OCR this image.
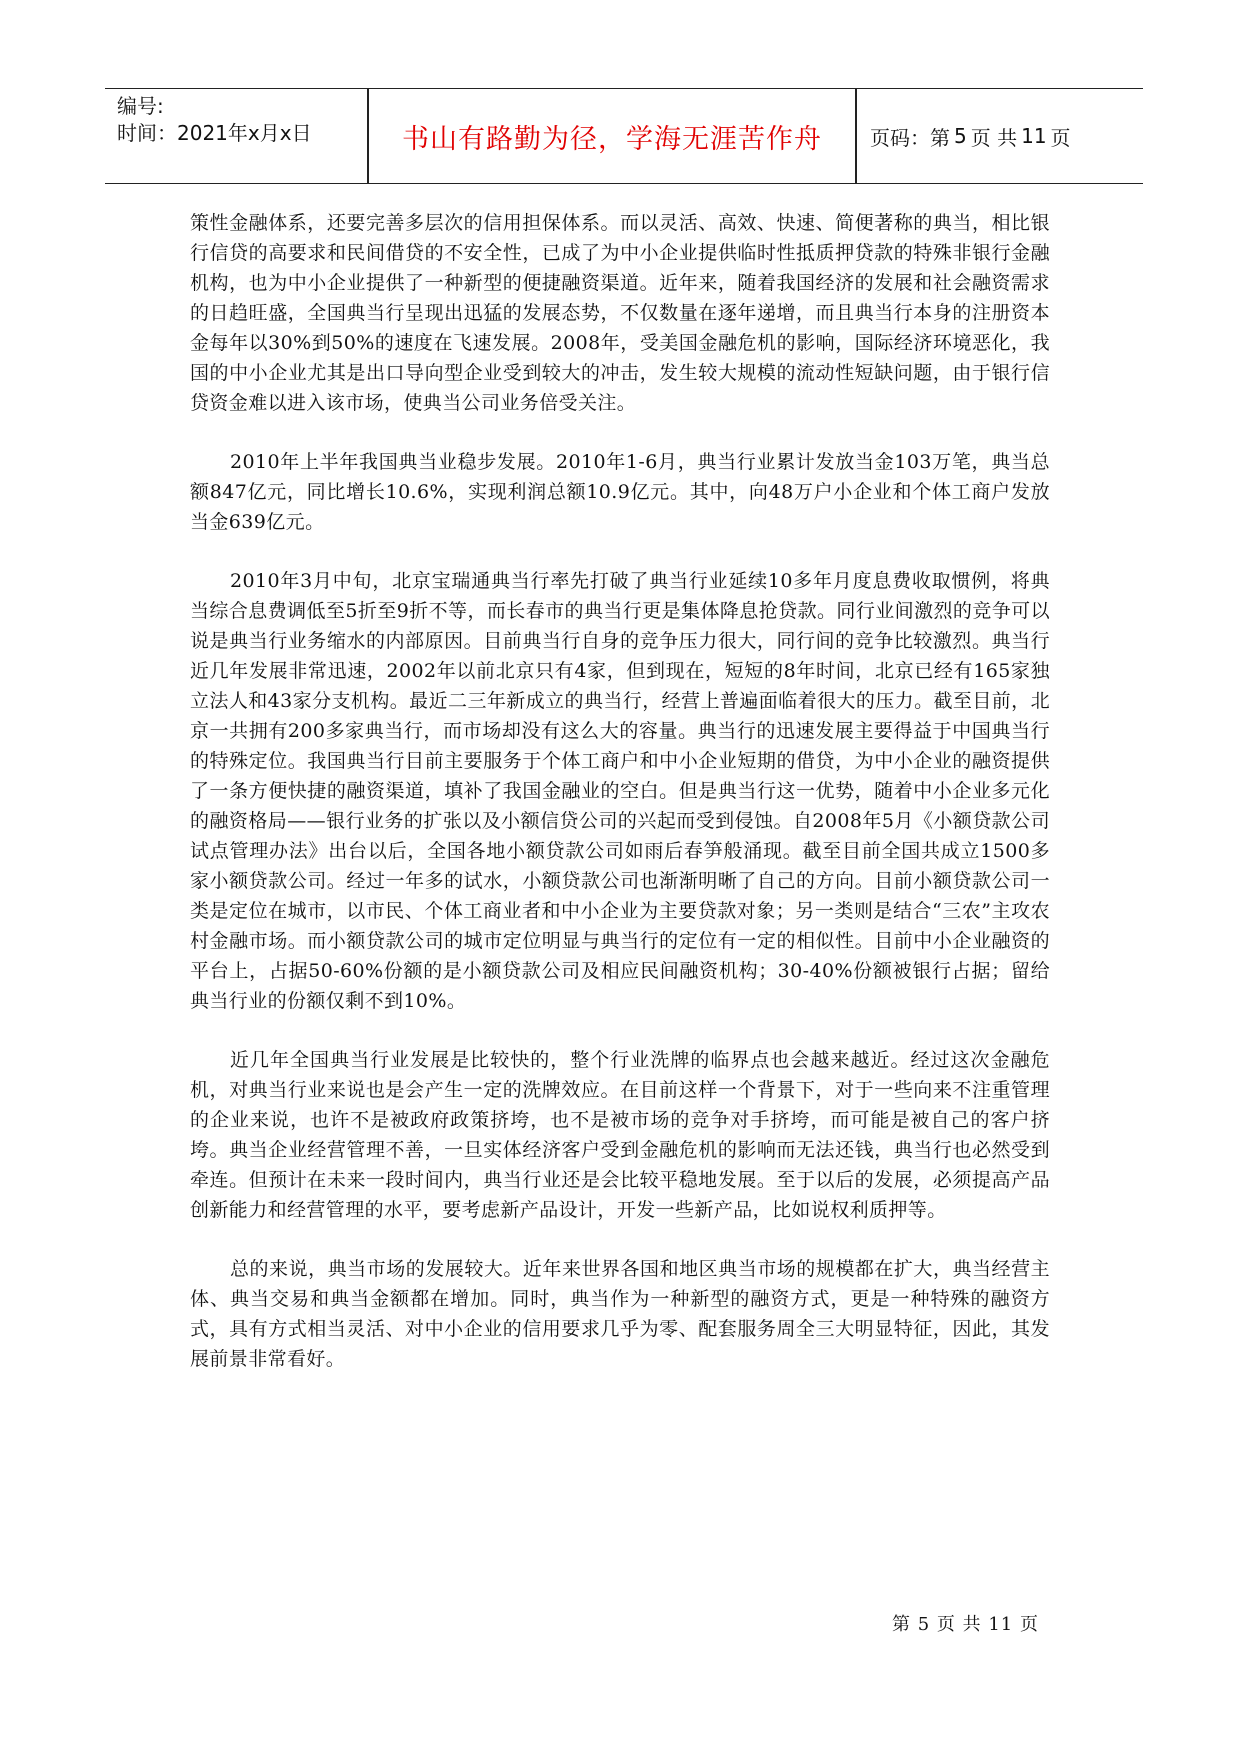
编号:
时间：2021年x月x日	书山有路勤为径，学海无涯苦作舟	页码：第 5 页 共 11 页

策性金融体系，还要完善多层次的信用担保体系。而以灵活、高效、快速、简便著称的典当，相比银行信贷的高要求和民间借贷的不安全性，已成了为中小企业提供临时性抵质押贷款的特殊非银行金融机构，也为中小企业提供了一种新型的便捷融资渠道。近年来，随着我国经济的发展和社会融资需求的日趋旺盛，全国典当行呈现出迅猛的发展态势，不仅数量在逐年递增，而且典当行本身的注册资本金每年以30%到50%的速度在飞速发展。2008年，受美国金融危机的影响，国际经济环境恶化，我国的中小企业尤其是出口导向型企业受到较大的冲击，发生较大规模的流动性短缺问题，由于银行信贷资金难以进入该市场，使典当公司业务倍受关注。

2010年上半年我国典当业稳步发展。2010年1-6月，典当行业累计发放当金103万笔，典当总额847亿元，同比增长10.6%，实现利润总额10.9亿元。其中，向48万户小企业和个体工商户发放当金639亿元。

2010年3月中旬，北京宝瑞通典当行率先打破了典当行业延续10多年月度息费收取惯例，将典当综合息费调低至5折至9折不等，而长春市的典当行更是集体降息抢贷款。同行业间激烈的竞争可以说是典当行业务缩水的内部原因。目前典当行自身的竞争压力很大，同行间的竞争比较激烈。典当行近几年发展非常迅速，2002年以前北京只有4家，但到现在，短短的8年时间，北京已经有165家独立法人和43家分支机构。最近二三年新成立的典当行，经营上普遍面临着很大的压力。截至目前，北京一共拥有200多家典当行，而市场却没有这么大的容量。典当行的迅速发展主要得益于中国典当行的特殊定位。我国典当行目前主要服务于个体工商户和中小企业短期的借贷，为中小企业的融资提供了一条方便快捷的融资渠道，填补了我国金融业的空白。但是典当行这一优势，随着中小企业多元化的融资格局——银行业务的扩张以及小额信贷公司的兴起而受到侵蚀。自2008年5月《小额贷款公司试点管理办法》出台以后，全国各地小额贷款公司如雨后春笋般涌现。截至目前全国共成立1500多家小额贷款公司。经过一年多的试水，小额贷款公司也渐渐明晰了自己的方向。目前小额贷款公司一类是定位在城市，以市民、个体工商业者和中小企业为主要贷款对象；另一类则是结合“三农”主攻农村金融市场。而小额贷款公司的城市定位明显与典当行的定位有一定的相似性。目前中小企业融资的平台上，占据50-60%份额的是小额贷款公司及相应民间融资机构；30-40%份额被银行占据；留给典当行业的份额仅剩不到10%。

近几年全国典当行业发展是比较快的，整个行业洗牌的临界点也会越来越近。经过这次金融危机，对典当行业来说也是会产生一定的洗牌效应。在目前这样一个背景下，对于一些向来不注重管理的企业来说，也许不是被政府政策挤垮，也不是被市场的竞争对手挤垮，而可能是被自己的客户挤垮。典当企业经营管理不善，一旦实体经济客户受到金融危机的影响而无法还钱，典当行也必然受到牵连。但预计在未来一段时间内，典当行业还是会比较平稳地发展。至于以后的发展，必须提高产品创新能力和经营管理的水平，要考虑新产品设计，开发一些新产品，比如说权利质押等。

总的来说，典当市场的发展较大。近年来世界各国和地区典当市场的规模都在扩大，典当经营主体、典当交易和典当金额都在增加。同时，典当作为一种新型的融资方式，更是一种特殊的融资方式，具有方式相当灵活、对中小企业的信用要求几乎为零、配套服务周全三大明显特征，因此，其发展前景非常看好。

第 5 页 共 11 页
